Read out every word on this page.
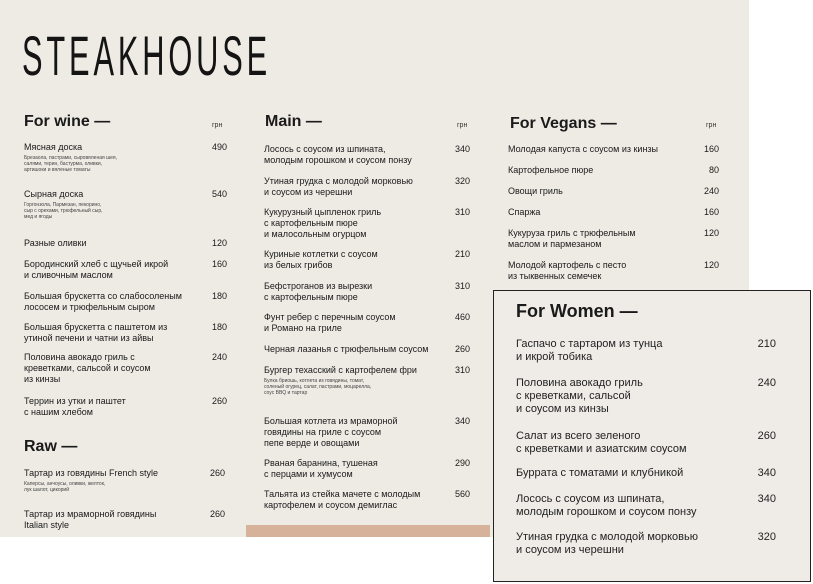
STEAKHOUSE
For wine —	грн
Мясная доска
Брезаола, пастрами, сыровяленая шея,
салями, терин, бастурма, оливки,
артишоки и вяленые томаты
490
Сырная доска
Горгонзола, Пармезан, пекорино,
сыр с орехами, трюфельный сыр,
мед и ягоды
540
Разные оливки	120
Бородинский хлеб с щучьей икрой
и сливочным маслом
160
Большая брускетта со слабосоленым
лососем и трюфельным сыром
180
Большая брускетта с паштетом из
утиной печени и чатни из айвы
180
Половина авокадо гриль с
креветками, сальсой и соусом
из кинзы
240
Террин из утки и паштет
с нашим хлебом
260
Raw —
Тартар из говядины French style
Каперсы, анчоусы, оливки, желток,
лук шалот, цикорий
260
Тартар из мраморной говядины
Italian style
260
Main —	грн
Лосось с соусом из шпината,
молодым горошком и соусом понзу
340
Утиная грудка с молодой морковью
и соусом из черешни
320
Кукурузный цыпленок гриль
с картофельным пюре
и малосольным огурцом
310
Куриные котлетки с соусом
из белых грибов
210
Бефстроганов из вырезки
с картофельным пюре
310
Фунт ребер с перечным соусом
и Романо на гриле
460
Черная лазанья с трюфельным соусом	260
Бургер техасский с картофелем фри
Булка бриошь, котлета из говядины, томат,
соленый огурец, салат, пастрами, моцарелла,
соус BBQ и тартар
310
Большая котлета из мраморной
говядины на гриле с соусом
пепе верде и овощами
340
Рваная баранина, тушеная
с перцами и хумусом
290
Тальята из стейка мачете с молодым
картофелем и соусом демиглас
560
For Vegans —	грн
Молодая капуста с соусом из кинзы	160
Картофельное пюре	80
Овощи гриль	240
Спаржа	160
Кукуруза гриль с трюфельным
маслом и пармезаном
120
Молодой картофель с песто
из тыквенных семечек
120
For Women —
Гаспачо с тартаром из тунца
и икрой тобика
210
Половина авокадо гриль
с креветками, сальсой
и соусом из кинзы
240
Салат из всего зеленого
с креветками и азиатским соусом
260
Буррата с томатами и клубникой	340
Лосось с соусом из шпината,
молодым горошком и соусом понзу
340
Утиная грудка с молодой морковью
и соусом из черешни
320
